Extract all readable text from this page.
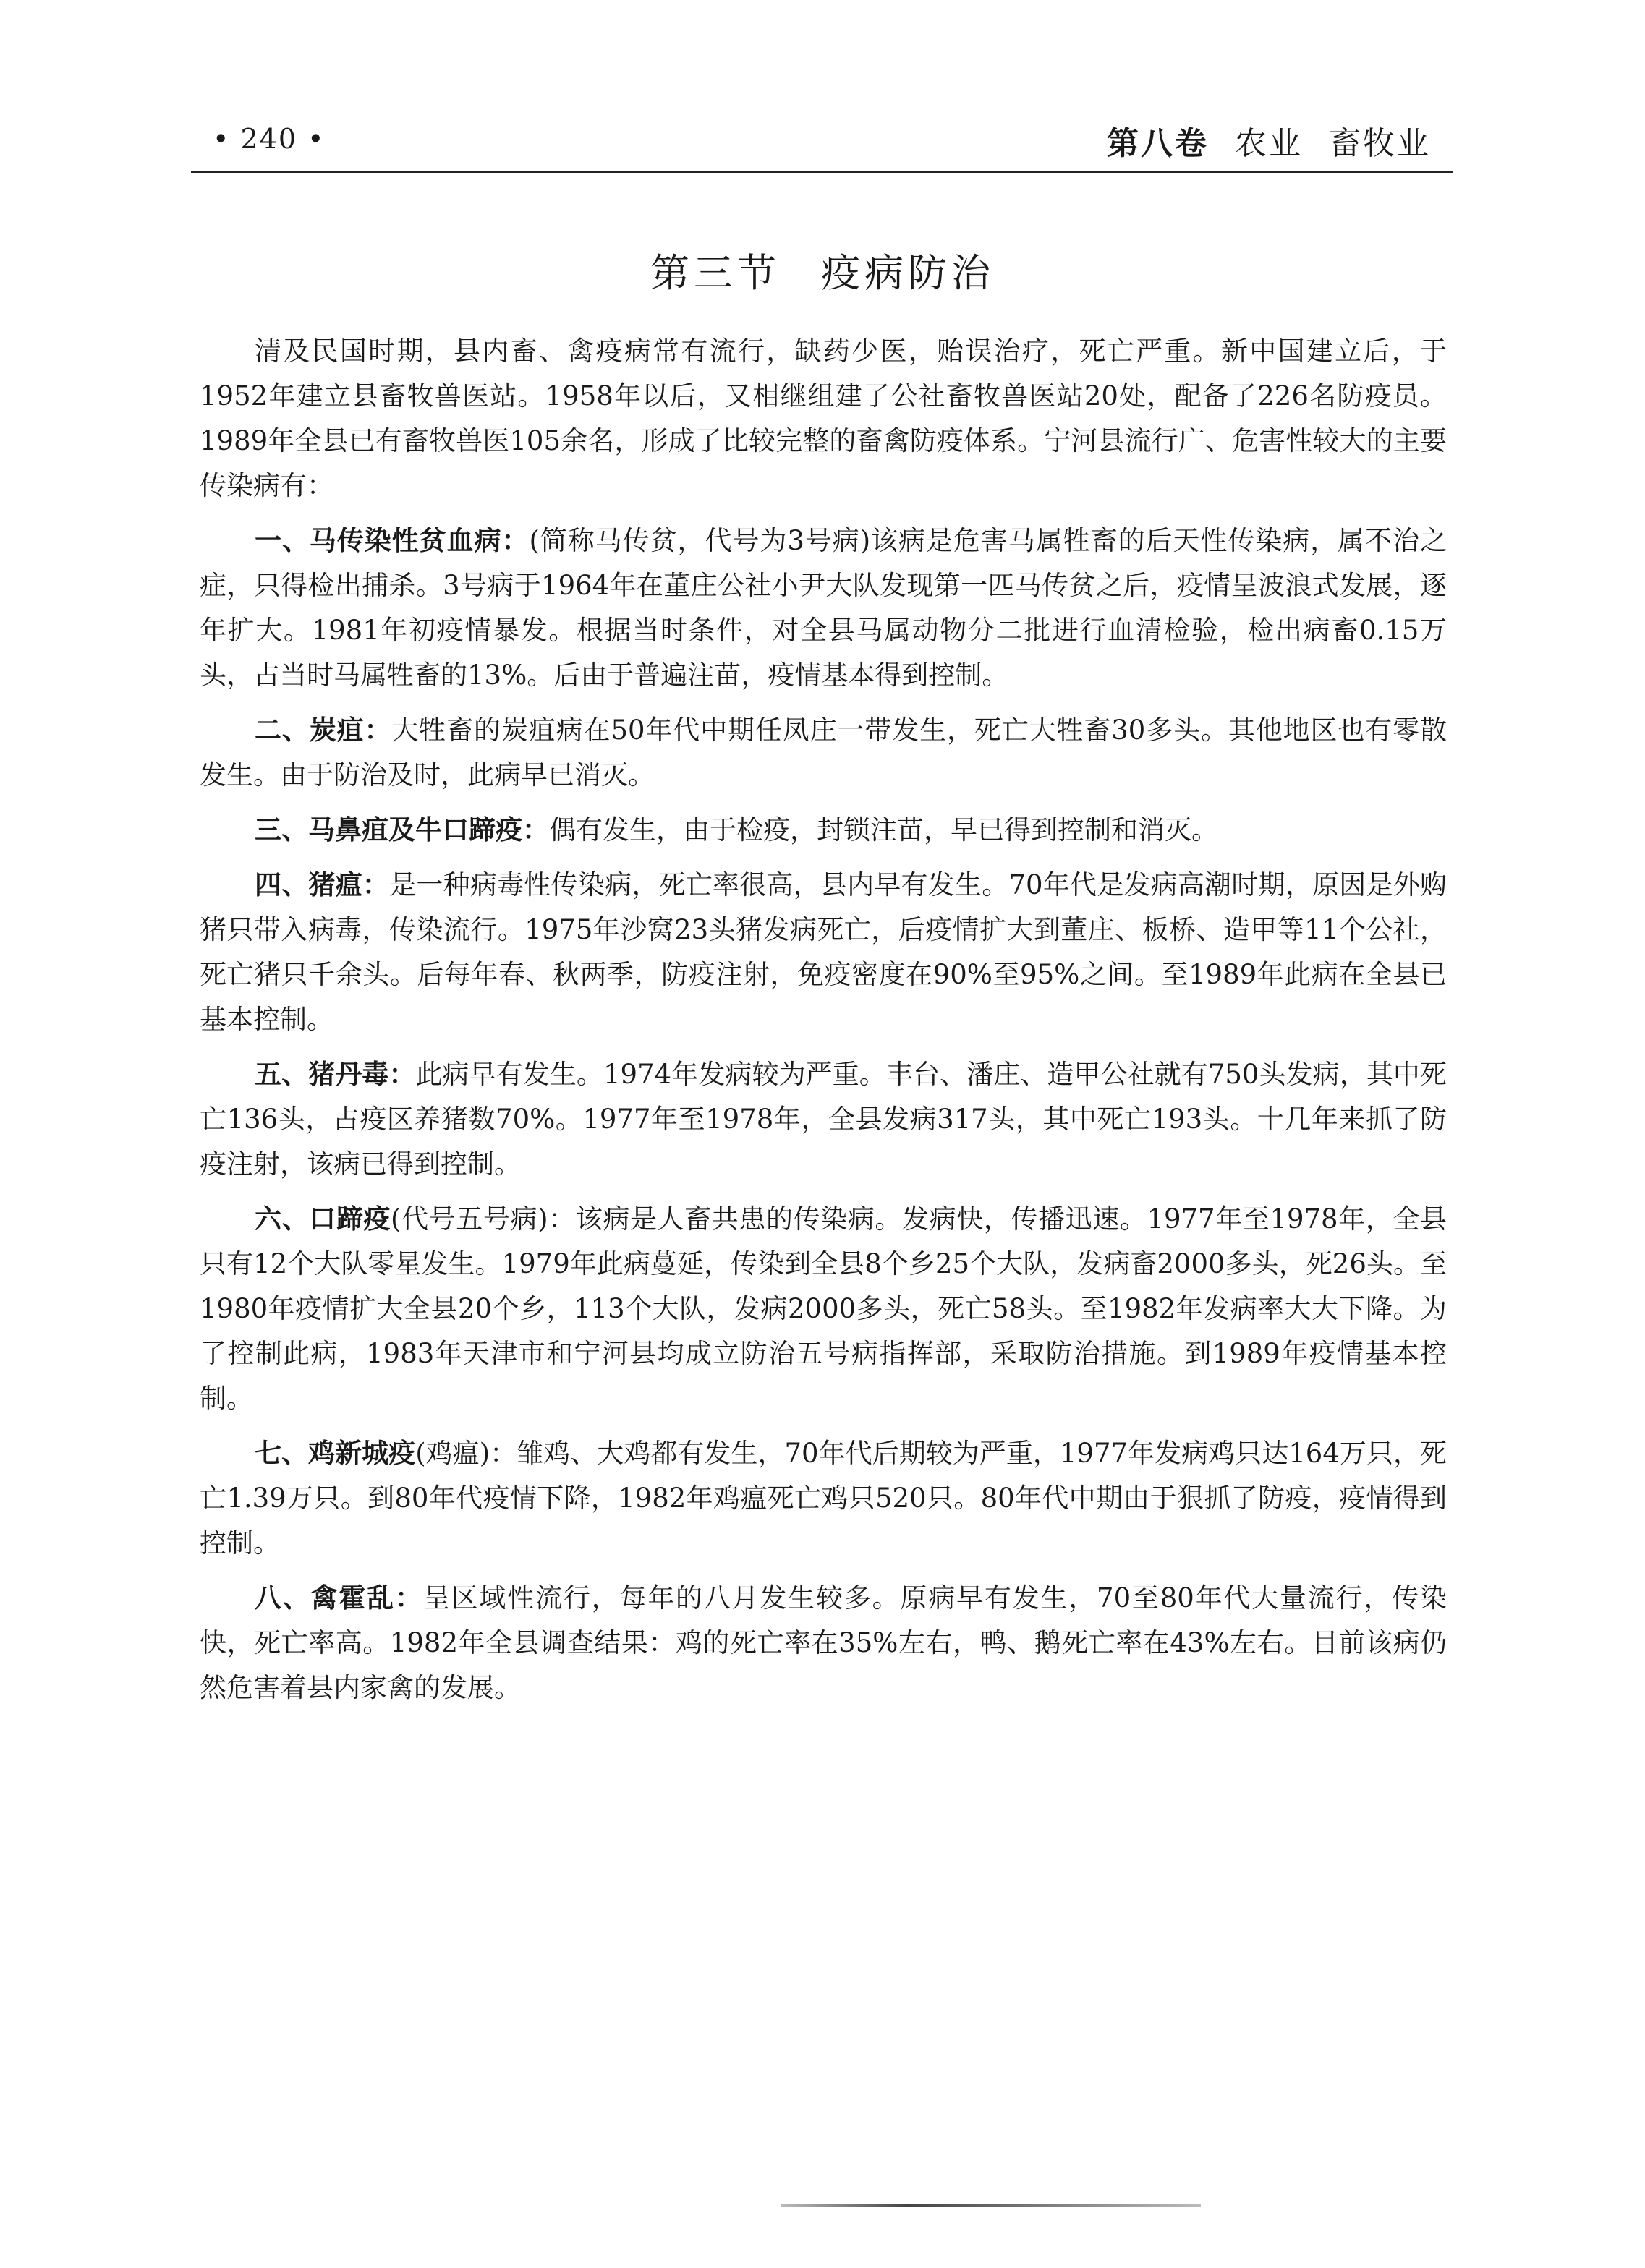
• 240 •	第八卷 农业 畜牧业
第三节 疫病防治

清及民国时期，县内畜、禽疫病常有流行，缺药少医，贻误治疗，死亡严重。新中国建立后，于1952年建立县畜牧兽医站。1958年以后，又相继组建了公社畜牧兽医站20处，配备了226名防疫员。1989年全县已有畜牧兽医105余名，形成了比较完整的畜禽防疫体系。宁河县流行广、危害性较大的主要传染病有：

一、马传染性贫血病：(简称马传贫，代号为3号病)该病是危害马属牲畜的后天性传染病，属不治之症，只得检出捕杀。3号病于1964年在董庄公社小尹大队发现第一匹马传贫之后，疫情呈波浪式发展，逐年扩大。1981年初疫情暴发。根据当时条件，对全县马属动物分二批进行血清检验，检出病畜0.15万头，占当时马属牲畜的13%。后由于普遍注苗，疫情基本得到控制。

二、炭疽：大牲畜的炭疽病在50年代中期任凤庄一带发生，死亡大牲畜30多头。其他地区也有零散发生。由于防治及时，此病早已消灭。

三、马鼻疽及牛口蹄疫：偶有发生，由于检疫，封锁注苗，早已得到控制和消灭。

四、猪瘟：是一种病毒性传染病，死亡率很高，县内早有发生。70年代是发病高潮时期，原因是外购猪只带入病毒，传染流行。1975年沙窝23头猪发病死亡，后疫情扩大到董庄、板桥、造甲等11个公社，死亡猪只千余头。后每年春、秋两季，防疫注射，免疫密度在90%至95%之间。至1989年此病在全县已基本控制。

五、猪丹毒：此病早有发生。1974年发病较为严重。丰台、潘庄、造甲公社就有750头发病，其中死亡136头，占疫区养猪数70%。1977年至1978年，全县发病317头，其中死亡193头。十几年来抓了防疫注射，该病已得到控制。

六、口蹄疫(代号五号病)：该病是人畜共患的传染病。发病快，传播迅速。1977年至1978年，全县只有12个大队零星发生。1979年此病蔓延，传染到全县8个乡25个大队，发病畜2000多头，死26头。至1980年疫情扩大全县20个乡，113个大队，发病2000多头，死亡58头。至1982年发病率大大下降。为了控制此病，1983年天津市和宁河县均成立防治五号病指挥部，采取防治措施。到1989年疫情基本控制。

七、鸡新城疫(鸡瘟)：雏鸡、大鸡都有发生，70年代后期较为严重，1977年发病鸡只达164万只，死亡1.39万只。到80年代疫情下降，1982年鸡瘟死亡鸡只520只。80年代中期由于狠抓了防疫，疫情得到控制。

八、禽霍乱：呈区域性流行，每年的八月发生较多。原病早有发生，70至80年代大量流行，传染快，死亡率高。1982年全县调查结果：鸡的死亡率在35%左右，鸭、鹅死亡率在43%左右。目前该病仍然危害着县内家禽的发展。
